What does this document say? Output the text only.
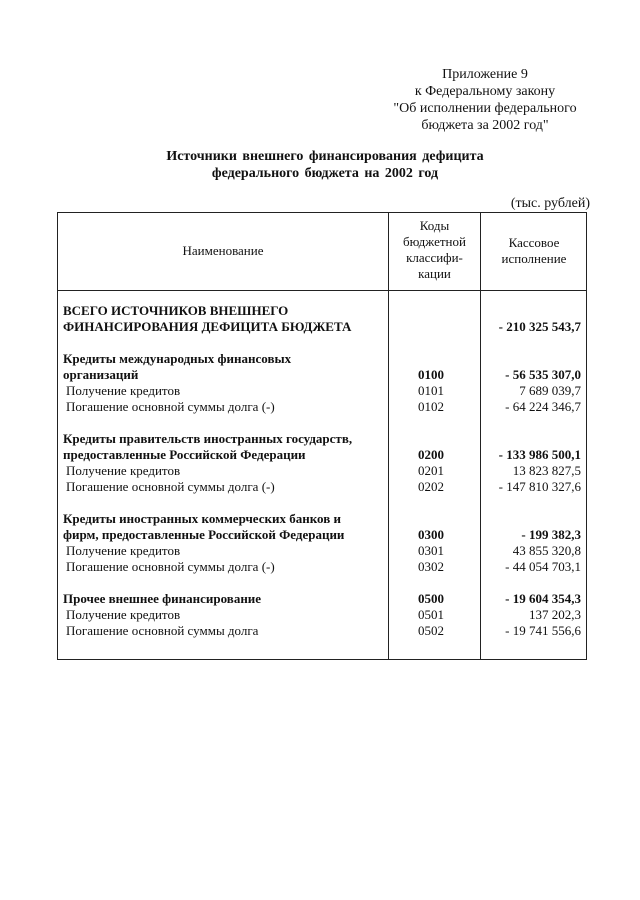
Приложение 9
к Федеральному закону
"Об исполнении федерального
бюджета за 2002 год"
Источники внешнего финансирования дефицита
федерального бюджета на 2002 год
(тыс. рублей)
Наименование
Коды
бюджетной
классифи-
кации
Кассовое
исполнение
ВСЕГО ИСТОЧНИКОВ ВНЕШНЕГО
ФИНАНСИРОВАНИЯ ДЕФИЦИТА БЮДЖЕТА	- 210 325 543,7
Кредиты международных финансовых
организаций	0100	- 56 535 307,0
Получение кредитов	0101	7 689 039,7
Погашение основной суммы долга (-)	0102	- 64 224 346,7
Кредиты правительств иностранных государств,
предоставленные Российской Федерации	0200	- 133 986 500,1
Получение кредитов	0201	13 823 827,5
Погашение основной суммы долга (-)	0202	- 147 810 327,6
Кредиты иностранных коммерческих банков и
фирм, предоставленные Российской Федерации	0300	- 199 382,3
Получение кредитов	0301	43 855 320,8
Погашение основной суммы долга (-)	0302	- 44 054 703,1
Прочее внешнее финансирование	0500	- 19 604 354,3
Получение кредитов	0501	137 202,3
Погашение основной суммы долга	0502	- 19 741 556,6
